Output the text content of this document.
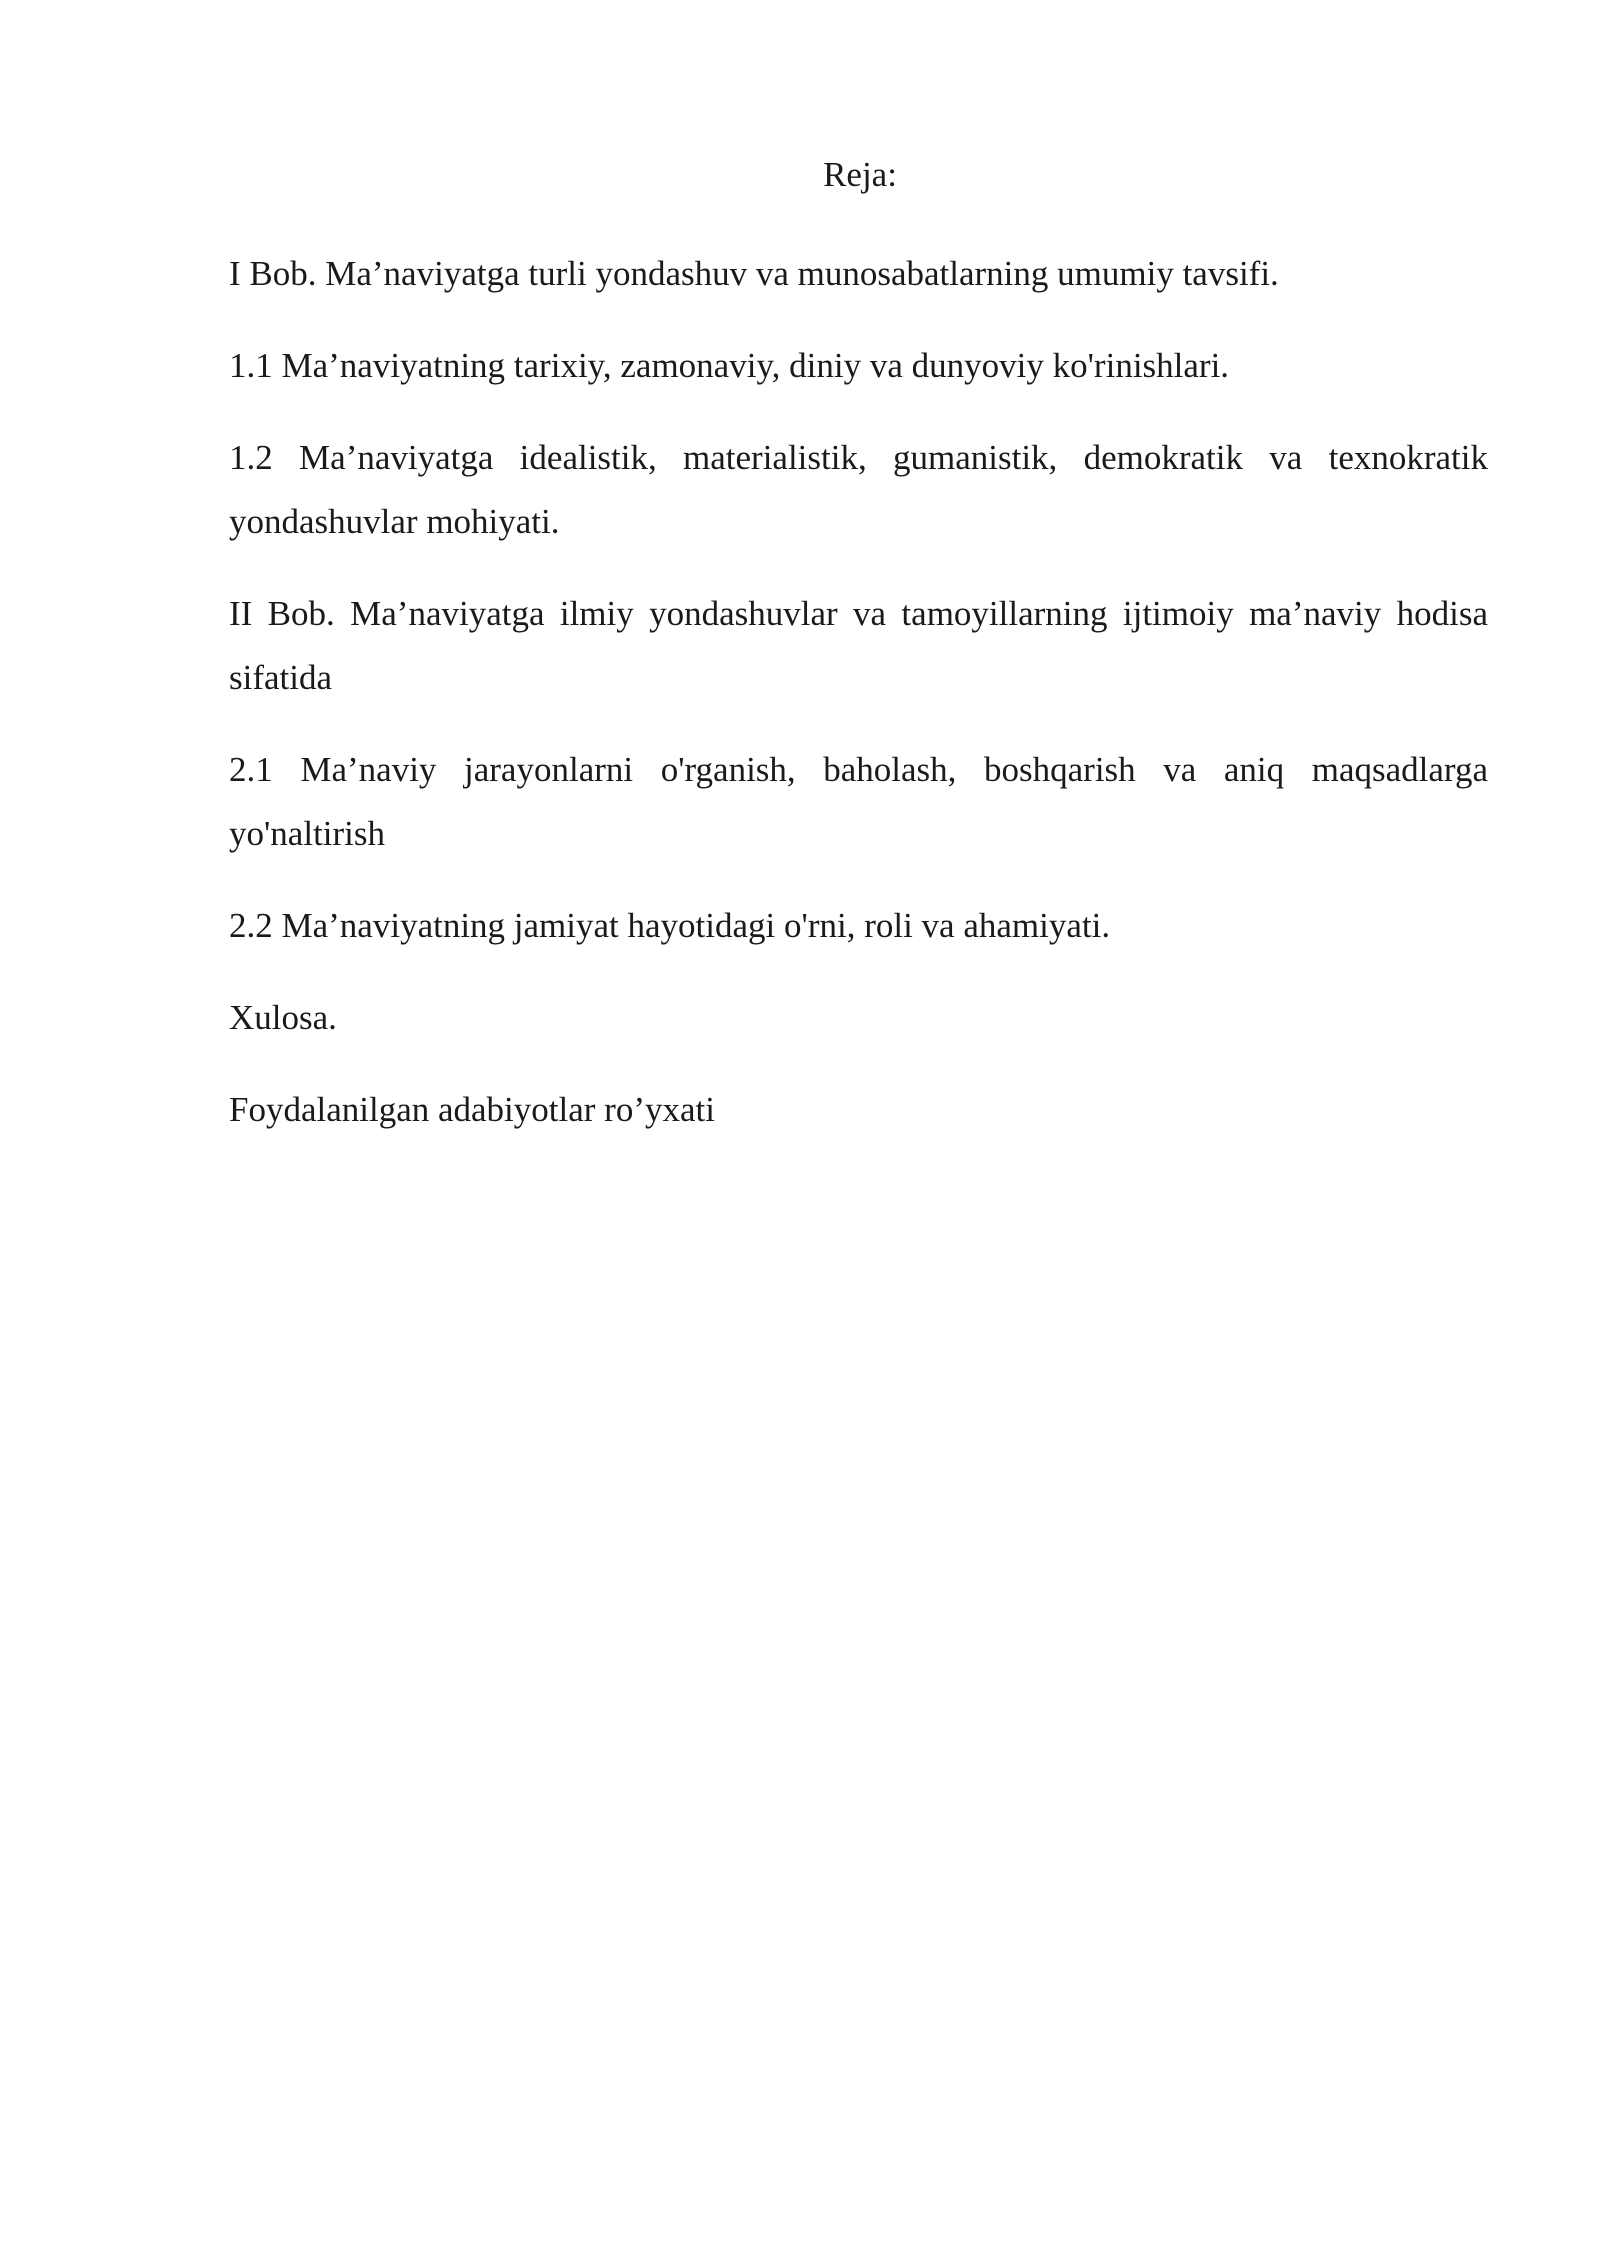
Reja:
I Bob. Ma’naviyatga turli yondashuv va munosabatlarning umumiy tavsifi.
1.1 Ma’naviyatning tarixiy, zamonaviy, diniy va dunyoviy ko'rinishlari.
1.2 Ma’naviyatga idealistik, materialistik, gumanistik, demokratik va texnokratik yondashuvlar mohiyati.
II Bob. Ma’naviyatga ilmiy yondashuvlar va tamoyillarning ijtimoiy ma’naviy hodisa sifatida
2.1 Ma’naviy jarayonlarni o'rganish, baholash, boshqarish va aniq maqsadlarga yo'naltirish
2.2 Ma’naviyatning jamiyat hayotidagi o'rni, roli va ahamiyati.
Xulosa.
Foydalanilgan adabiyotlar ro’yxati
